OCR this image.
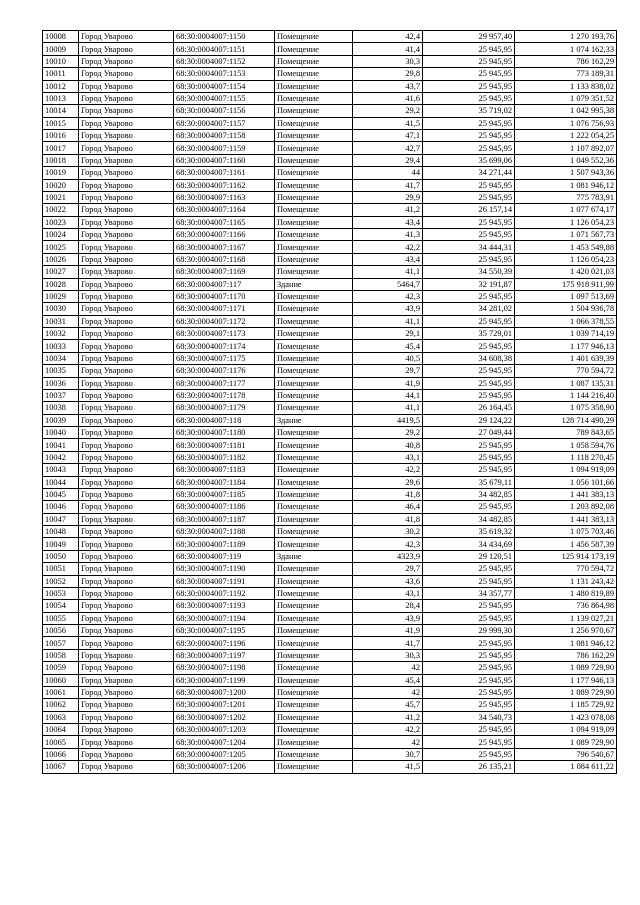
10008	Город Уварово	68:30:0004007:1150	Помещение	42,4	29 957,40	1 270 193,76
10009	Город Уварово	68:30:0004007:1151	Помещение	41,4	25 945,95	1 074 162,33
10010	Город Уварово	68:30:0004007:1152	Помещение	30,3	25 945,95	786 162,29
10011	Город Уварово	68:30:0004007:1153	Помещение	29,8	25 945,95	773 189,31
10012	Город Уварово	68:30:0004007:1154	Помещение	43,7	25 945,95	1 133 838,02
10013	Город Уварово	68:30:0004007:1155	Помещение	41,6	25 945,95	1 079 351,52
10014	Город Уварово	68:30:0004007:1156	Помещение	29,2	35 719,02	1 042 995,38
10015	Город Уварово	68:30:0004007:1157	Помещение	41,5	25 945,95	1 076 756,93
10016	Город Уварово	68:30:0004007:1158	Помещение	47,1	25 945,95	1 222 054,25
10017	Город Уварово	68:30:0004007:1159	Помещение	42,7	25 945,95	1 107 892,07
10018	Город Уварово	68:30:0004007:1160	Помещение	29,4	35 699,06	1 049 552,36
10019	Город Уварово	68:30:0004007:1161	Помещение	44	34 271,44	1 507 943,36
10020	Город Уварово	68:30:0004007:1162	Помещение	41,7	25 945,95	1 081 946,12
10021	Город Уварово	68:30:0004007:1163	Помещение	29,9	25 945,95	775 783,91
10022	Город Уварово	68:30:0004007:1164	Помещение	41,2	26 157,14	1 077 674,17
10023	Город Уварово	68:30:0004007:1165	Помещение	43,4	25 945,95	1 126 054,23
10024	Город Уварово	68:30:0004007:1166	Помещение	41,3	25 945,95	1 071 567,73
10025	Город Уварово	68:30:0004007:1167	Помещение	42,2	34 444,31	1 453 549,88
10026	Город Уварово	68:30:0004007:1168	Помещение	43,4	25 945,95	1 126 054,23
10027	Город Уварово	68:30:0004007:1169	Помещение	41,1	34 550,39	1 420 021,03
10028	Город Уварово	68:30:0004007:117	Здание	5464,7	32 191,87	175 918 911,99
10029	Город Уварово	68:30:0004007:1170	Помещение	42,3	25 945,95	1 097 513,69
10030	Город Уварово	68:30:0004007:1171	Помещение	43,9	34 281,02	1 504 936,78
10031	Город Уварово	68:30:0004007:1172	Помещение	41,1	25 945,95	1 066 378,55
10032	Город Уварово	68:30:0004007:1173	Помещение	29,1	35 729,01	1 039 714,19
10033	Город Уварово	68:30:0004007:1174	Помещение	45,4	25 945,95	1 177 946,13
10034	Город Уварово	68:30:0004007:1175	Помещение	40,5	34 608,38	1 401 639,39
10035	Город Уварово	68:30:0004007:1176	Помещение	29,7	25 945,95	770 594,72
10036	Город Уварово	68:30:0004007:1177	Помещение	41,9	25 945,95	1 087 135,31
10037	Город Уварово	68:30:0004007:1178	Помещение	44,1	25 945,95	1 144 216,40
10038	Город Уварово	68:30:0004007:1179	Помещение	41,1	26 164,45	1 075 358,90
10039	Город Уварово	68:30:0004007:118	Здание	4419,5	29 124,22	128 714 490,29
10040	Город Уварово	68:30:0004007:1180	Помещение	29,2	27 049,44	789 843,65
10041	Город Уварово	68:30:0004007:1181	Помещение	40,8	25 945,95	1 058 594,76
10042	Город Уварово	68:30:0004007:1182	Помещение	43,1	25 945,95	1 118 270,45
10043	Город Уварово	68:30:0004007:1183	Помещение	42,2	25 945,95	1 094 919,09
10044	Город Уварово	68:30:0004007:1184	Помещение	29,6	35 679,11	1 056 101,66
10045	Город Уварово	68:30:0004007:1185	Помещение	41,8	34 482,85	1 441 383,13
10046	Город Уварово	68:30:0004007:1186	Помещение	46,4	25 945,95	1 203 892,08
10047	Город Уварово	68:30:0004007:1187	Помещение	41,8	34 482,85	1 441 383,13
10048	Город Уварово	68:30:0004007:1188	Помещение	30,2	35 619,32	1 075 703,46
10049	Город Уварово	68:30:0004007:1189	Помещение	42,3	34 434,69	1 456 587,39
10050	Город Уварово	68:30:0004007:119	Здание	4323,9	29 120,51	125 914 173,19
10051	Город Уварово	68:30:0004007:1190	Помещение	29,7	25 945,95	770 594,72
10052	Город Уварово	68:30:0004007:1191	Помещение	43,6	25 945,95	1 131 243,42
10053	Город Уварово	68:30:0004007:1192	Помещение	43,1	34 357,77	1 480 819,89
10054	Город Уварово	68:30:0004007:1193	Помещение	28,4	25 945,95	736 864,98
10055	Город Уварово	68:30:0004007:1194	Помещение	43,9	25 945,95	1 139 027,21
10056	Город Уварово	68:30:0004007:1195	Помещение	41,9	29 999,30	1 256 970,67
10057	Город Уварово	68:30:0004007:1196	Помещение	41,7	25 945,95	1 081 946,12
10058	Город Уварово	68:30:0004007:1197	Помещение	30,3	25 945,95	786 162,29
10059	Город Уварово	68:30:0004007:1198	Помещение	42	25 945,95	1 089 729,90
10060	Город Уварово	68:30:0004007:1199	Помещение	45,4	25 945,95	1 177 946,13
10061	Город Уварово	68:30:0004007:1200	Помещение	42	25 945,95	1 089 729,90
10062	Город Уварово	68:30:0004007:1201	Помещение	45,7	25 945,95	1 185 729,92
10063	Город Уварово	68:30:0004007:1202	Помещение	41,2	34 540,73	1 423 078,08
10064	Город Уварово	68:30:0004007:1203	Помещение	42,2	25 945,95	1 094 919,09
10065	Город Уварово	68:30:0004007:1204	Помещение	42	25 945,95	1 089 729,90
10066	Город Уварово	68:30:0004007:1205	Помещение	30,7	25 945,95	796 540,67
10067	Город Уварово	68:30:0004007:1206	Помещение	41,5	26 135,21	1 084 611,22
